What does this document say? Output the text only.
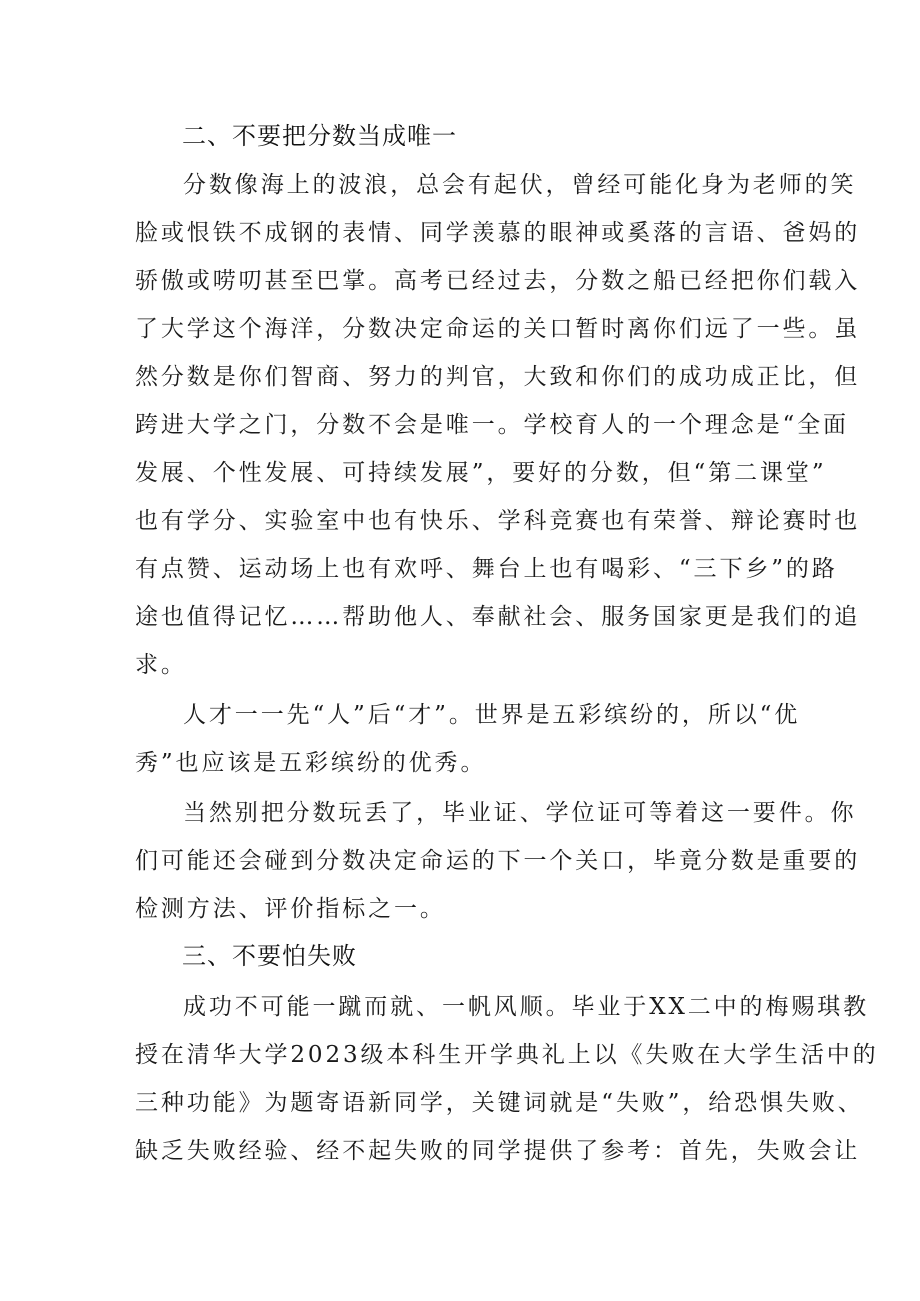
二、不要把分数当成唯一
分数像海上的波浪，总会有起伏，曾经可能化身为老师的笑
脸或恨铁不成钢的表情、同学羡慕的眼神或奚落的言语、爸妈的
骄傲或唠叨甚至巴掌。高考已经过去，分数之船已经把你们载入
了大学这个海洋，分数决定命运的关口暂时离你们远了一些。虽
然分数是你们智商、努力的判官，大致和你们的成功成正比，但
跨进大学之门，分数不会是唯一。学校育人的一个理念是“全面
发展、个性发展、可持续发展”，要好的分数，但“第二课堂”
也有学分、实验室中也有快乐、学科竞赛也有荣誉、辩论赛时也
有点赞、运动场上也有欢呼、舞台上也有喝彩、“三下乡”的路
途也值得记忆……帮助他人、奉献社会、服务国家更是我们的追
求。
人才一一先“人”后“才”。世界是五彩缤纷的，所以“优
秀”也应该是五彩缤纷的优秀。
当然别把分数玩丢了，毕业证、学位证可等着这一要件。你
们可能还会碰到分数决定命运的下一个关口，毕竟分数是重要的
检测方法、评价指标之一。
三、不要怕失败
成功不可能一蹴而就、一帆风顺。毕业于XX二中的梅赐琪教
授在清华大学2023级本科生开学典礼上以《失败在大学生活中的
三种功能》为题寄语新同学，关键词就是“失败”，给恐惧失败、
缺乏失败经验、经不起失败的同学提供了参考：首先，失败会让
